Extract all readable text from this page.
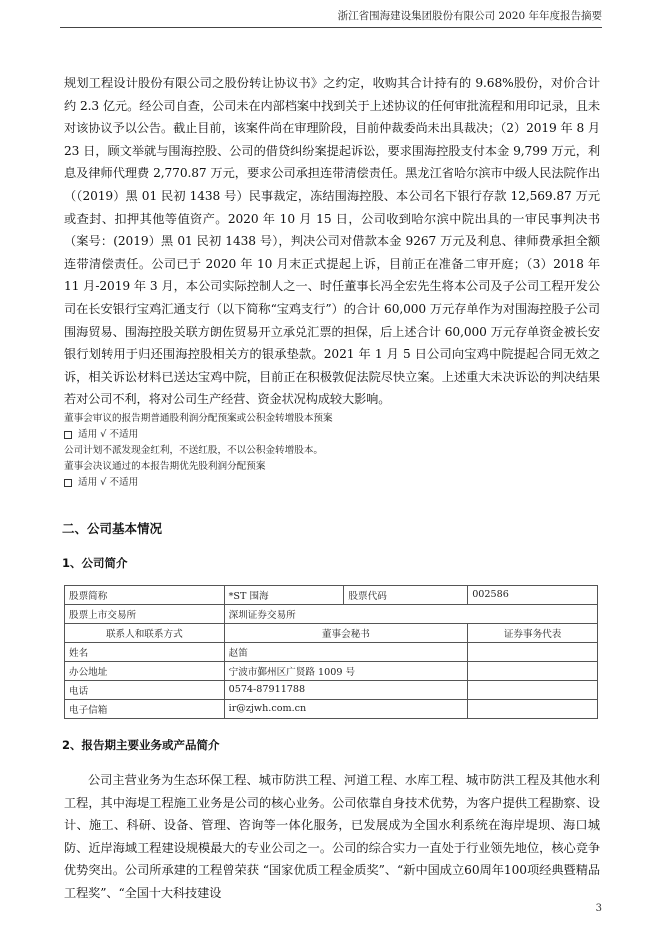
浙江省围海建设集团股份有限公司 2020 年年度报告摘要

规划工程设计股份有限公司之股份转让协议书》之约定，收购其合计持有的 9.68%股份，对价合计约 2.3 亿元。经公司自查，公司未在内部档案中找到关于上述协议的任何审批流程和用印记录，且未对该协议予以公告。截止目前，该案件尚在审理阶段，目前仲裁委尚未出具裁决；（2）2019 年 8 月 23 日，顾文举就与围海控股、公司的借贷纠纷案提起诉讼，要求围海控股支付本金 9,799 万元，利息及律师代理费 2,770.87 万元，要求公司承担连带清偿责任。黑龙江省哈尔滨市中级人民法院作出（（2019）黑 01 民初 1438 号）民事裁定，冻结围海控股、本公司名下银行存款 12,569.87 万元或查封、扣押其他等值资产。2020 年 10 月 15 日，公司收到哈尔滨中院出具的一审民事判决书（案号：(2019）黑 01 民初 1438 号），判决公司对借款本金 9267 万元及利息、律师费承担全额连带清偿责任。公司已于 2020 年 10 月末正式提起上诉，目前正在准备二审开庭；（3）2018 年 11 月-2019 年 3 月，本公司实际控制人之一、时任董事长冯全宏先生将本公司及子公司工程开发公司在长安银行宝鸡汇通支行（以下简称“宝鸡支行”）的合计 60,000 万元存单作为对围海控股子公司围海贸易、围海控股关联方朗佐贸易开立承兑汇票的担保，后上述合计 60,000 万元存单资金被长安银行划转用于归还围海控股相关方的银承垫款。2021 年 1 月 5 日公司向宝鸡中院提起合同无效之诉，相关诉讼材料已送达宝鸡中院，目前正在积极敦促法院尽快立案。上述重大未决诉讼的判决结果若对公司不利，将对公司生产经营、资金状况构成较大影响。

董事会审议的报告期普通股利润分配预案或公积金转增股本预案

适用 √ 不适用

公司计划不派发现金红利，不送红股，不以公积金转增股本。

董事会决议通过的本报告期优先股利润分配预案

适用 √ 不适用
二、公司基本情况
1、公司简介
股票简称	*ST 围海	股票代码	002586
股票上市交易所	深圳证券交易所		
联系人和联系方式	董事会秘书		证券事务代表
姓名	赵笛		
办公地址	宁波市鄞州区广贤路 1009 号		
电话	0574-87911788		
电子信箱	ir@zjwh.com.cn		
2、报告期主要业务或产品简介

公司主营业务为生态环保工程、城市防洪工程、河道工程、水库工程、城市防洪工程及其他水利工程，其中海堤工程施工业务是公司的核心业务。公司依靠自身技术优势，为客户提供工程勘察、设计、施工、科研、设备、管理、咨询等一体化服务，已发展成为全国水利系统在海岸堤坝、海口城防、近岸海域工程建设规模最大的专业公司之一。公司的综合实力一直处于行业领先地位，核心竞争优势突出。公司所承建的工程曾荣获 “国家优质工程金质奖”、“新中国成立60周年100项经典暨精品工程奖”、“全国十大科技建设

3
